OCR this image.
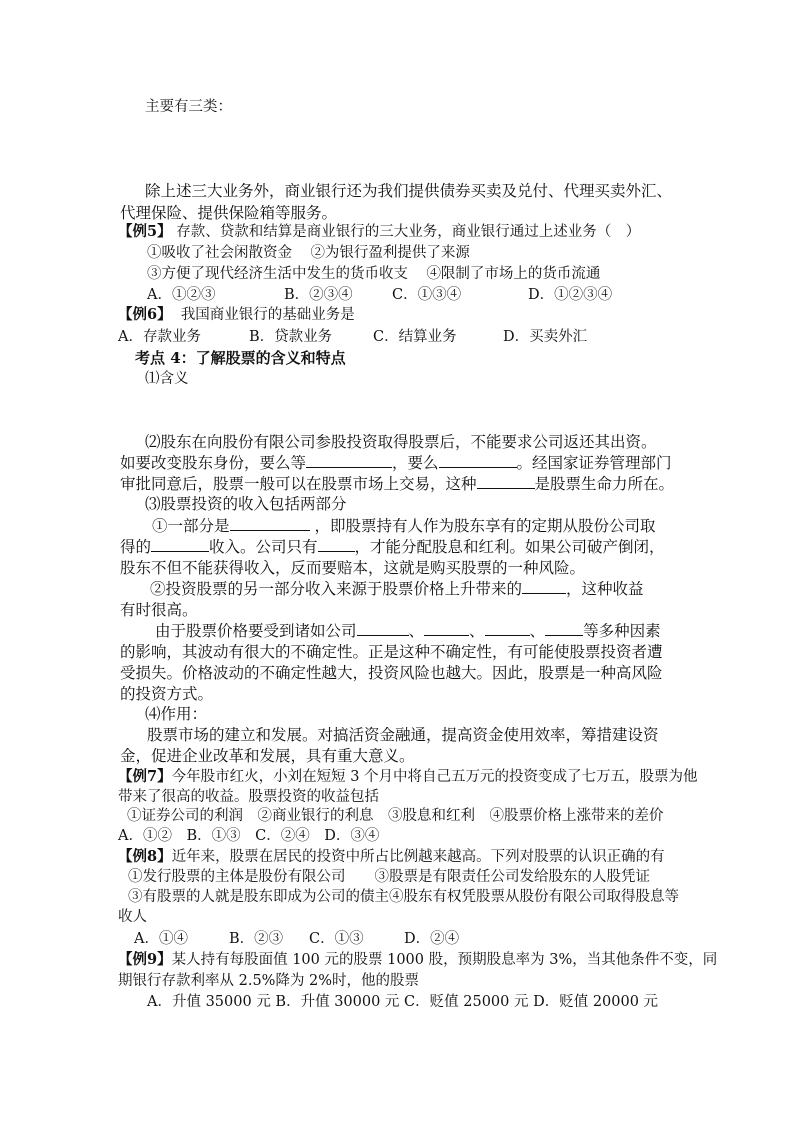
主要有三类：
除上述三大业务外，商业银行还为我们提供债券买卖及兑付、代理买卖外汇、
代理保险、提供保险箱等服务。
【例5】 存款、贷款和结算是商业银行的三大业务，商业银行通过上述业务（　）
①吸收了社会闲散资金 ②为银行盈利提供了来源
③方便了现代经济生活中发生的货币收支 ④限制了市场上的货币流通
A．①②③	B．②③④	C．①③④	D．①②③④
【例6】 我国商业银行的基础业务是
A．存款业务	B．贷款业务	C．结算业务	D．买卖外汇
考点 4：了解股票的含义和特点
⑴含义
⑵股东在向股份有限公司参股投资取得股票后，不能要求公司返还其出资。
如要改变股东身份，要么等	，要么	。经国家证券管理部门
审批同意后，股票一般可以在股票市场上交易，这种	是股票生命力所在。
⑶股票投资的收入包括两部分
①一部分是	，即股票持有人作为股东享有的定期从股份公司取
得的	收入。公司只有 ，才能分配股息和红利。如果公司破产倒闭，
股东不但不能获得收入，反而要赔本，这就是购买股票的一种风险。
②投资股票的另一部分收入来源于股票价格上升带来的	，这种收益
有时很高。
由于股票价格要受到诸如公司	、	、	、 等多种因素
的影响，其波动有很大的不确定性。正是这种不确定性，有可能使股票投资者遭
受损失。价格波动的不确定性越大，投资风险也越大。因此，股票是一种高风险
的投资方式。
⑷作用：
股票市场的建立和发展。对搞活资金融通，提高资金使用效率，筹措建设资
金，促进企业改革和发展，具有重大意义。
【例7】今年股市红火，小刘在短短 3 个月中将自己五万元的投资变成了七万五，股票为他
带来了很高的收益。股票投资的收益包括
①证券公司的利润　②商业银行的利息　③股息和红利　④股票价格上涨带来的差价
A．①②　B．①③　C．②④　D．③④
【例8】近年来，股票在居民的投资中所占比例越来越高。下列对股票的认识正确的有
①发行股票的主体是股份有限公司　　③股票是有限责任公司发给股东的人股凭证
③有股票的人就是股东即成为公司的债主④股东有权凭股票从股份有限公司取得股息等
收人
A．①④	B．②③ C．①③	D．②④
【例9】某人持有每股面值 100 元的股票 1000 股，预期股息率为 3%，当其他条件不变，同
期银行存款利率从 2.5%降为 2%时，他的股票
A．升值 35000 元 B．升值 30000 元 C．贬值 25000 元 D．贬值 20000 元
